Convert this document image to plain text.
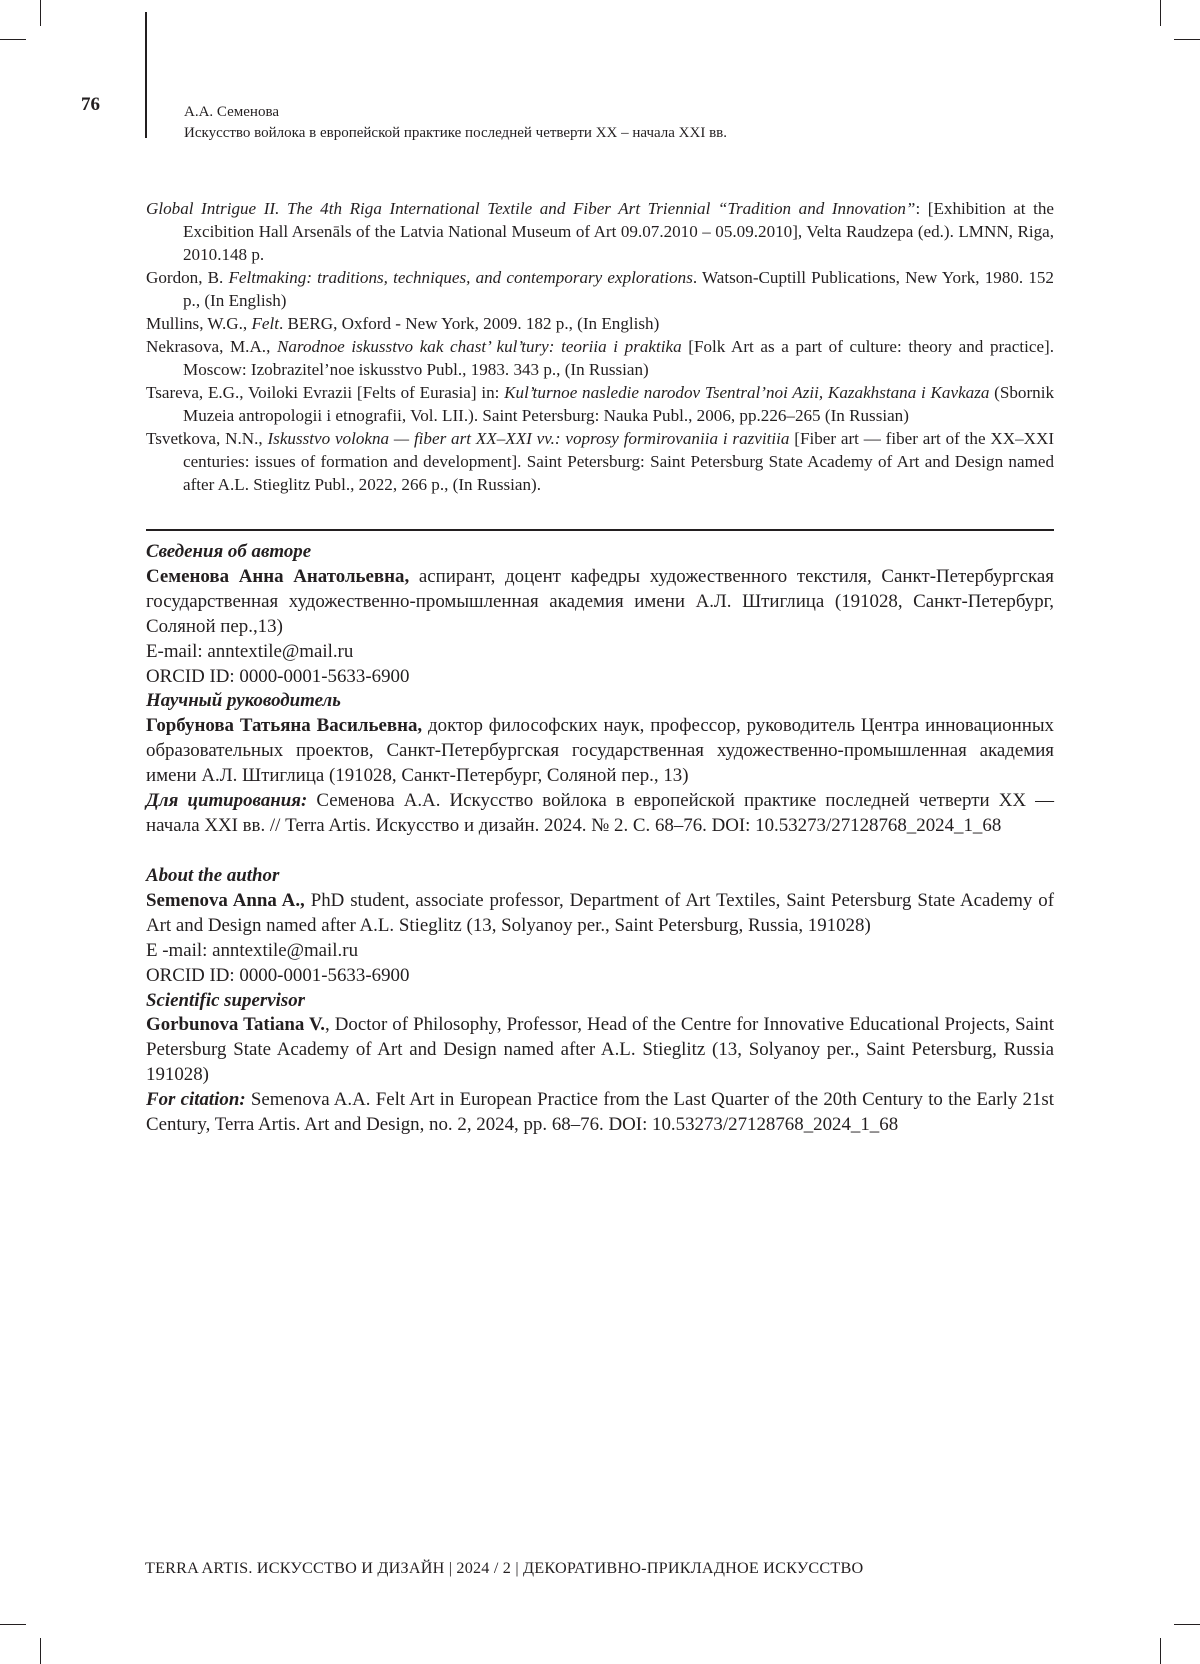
76	А.А. Семенова
Искусство войлока в европейской практике последней четверти XX – начала XXI вв.
Global Intrigue II. The 4th Riga International Textile and Fiber Art Triennial “Tradition and Innovation”: [Exhibition at the Excibition Hall Arsenāls of the Latvia National Museum of Art 09.07.2010 – 05.09.2010], Velta Raudzepa (ed.). LMNN, Riga, 2010.148 p.
Gordon, B. Feltmaking: traditions, techniques, and contemporary explorations. Watson-Cuptill Publications, New York, 1980. 152 p., (In English)
Mullins, W.G., Felt. BERG, Oxford - New York, 2009. 182 p., (In English)
Nekrasova, M.A., Narodnoe iskusstvo kak chast’ kul’tury: teoriia i praktika [Folk Art as a part of culture: theory and practice]. Moscow: Izobrazitel’noe iskusstvo Publ., 1983. 343 p., (In Russian)
Tsareva, E.G., Voiloki Evrazii [Felts of Eurasia] in: Kul’turnoe nasledie narodov Tsentral’noi Azii, Kazakhstana i Kavkaza (Sbornik Muzeia antropologii i etnografii, Vol. LII.). Saint Petersburg: Nauka Publ., 2006, pp.226–265 (In Russian)
Tsvetkova, N.N., Iskusstvo volokna — fiber art XX–XXI vv.: voprosy formirovaniia i razvitiia [Fiber art — fiber art of the XX–XXI centuries: issues of formation and development]. Saint Petersburg: Saint Petersburg State Academy of Art and Design named after A.L. Stieglitz Publ., 2022, 266 p., (In Russian).

Сведения об авторе

Семенова Анна Анатольевна, аспирант, доцент кафедры художественного текстиля, Санкт-Петербургская государственная художественно-промышленная академия имени А.Л. Штиглица (191028, Санкт-Петербург, Соляной пер.,13)

E-mail: anntextile@mail.ru

ORCID ID: 0000-0001-5633-6900

Научный руководитель

Горбунова Татьяна Васильевна, доктор философских наук, профессор, руководитель Центра инновационных образовательных проектов, Санкт-Петербургская государственная художественно-промышленная академия имени А.Л. Штиглица (191028, Санкт-Петербург, Соляной пер., 13)

Для цитирования: Семенова А.А. Искусство войлока в европейской практике последней четверти XX — начала XXI вв. // Terra Artis. Искусство и дизайн. 2024. № 2. С. 68–76. DOI: 10.53273/27128768_2024_1_68

About the author

Semenova Anna A., PhD student, associate professor, Department of Art Textiles, Saint Petersburg State Academy of Art and Design named after A.L. Stieglitz (13, Solyanoy per., Saint Petersburg, Russia, 191028)

E -mail: anntextile@mail.ru

ORCID ID: 0000-0001-5633-6900

Scientific supervisor

Gorbunova Tatiana V., Doctor of Philosophy, Professor, Head of the Centre for Innovative Educational Projects, Saint Petersburg State Academy of Art and Design named after A.L. Stieglitz (13, Solyanoy per., Saint Petersburg, Russia 191028)

For citation: Semenova A.A. Felt Art in European Practice from the Last Quarter of the 20th Century to the Early 21st Century, Terra Artis. Art and Design, no. 2, 2024, pp. 68–76. DOI: 10.53273/27128768_2024_1_68

TERRA ARTIS. ИСКУССТВО И ДИЗАЙН | 2024 / 2 | ДЕКОРАТИВНО-ПРИКЛАДНОЕ ИСКУССТВО
